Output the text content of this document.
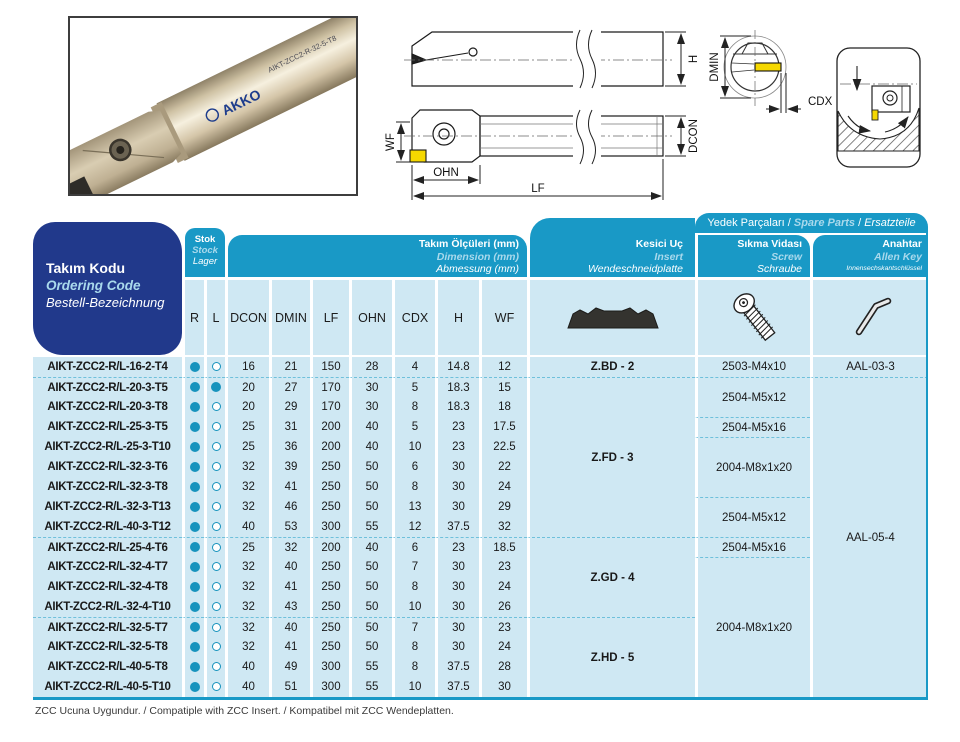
AKKO
AIKT-ZCC2-R-32-5-T8	H
WF	DCON
OHN
LF
DMIN
CDX
Yedek Parçaları / Spare Parts / Ersatzteile
Takım Kodu
Ordering Code
Bestell-Bezeichnung
Stok
Stock
Lager
Takım Ölçüleri (mm)
Dimension (mm)
Abmessung (mm)
Kesici Uç
Insert
Wendeschneidplatte
Sıkma Vidası
Screw
Schraube
Anahtar
Allen Key
Innensechskantschlüssel
	R	L	DCON	DMIN	LF	OHN	CDX	H	WF			
AIKT-ZCC2-R/L-16-2-T4			16	21	150	28	4	14.8	12	Z.BD - 2	2503-M4x10	AAL-03-3
AIKT-ZCC2-R/L-20-3-T5			20	27	170	30	5	18.3	15	Z.FD - 3	2504-M5x12	AAL-05-4
AIKT-ZCC2-R/L-20-3-T8			20	29	170	30	8	18.3	18			
AIKT-ZCC2-R/L-25-3-T5			25	31	200	40	5	23	17.5		2504-M5x16	
AIKT-ZCC2-R/L-25-3-T10			25	36	200	40	10	23	22.5		2004-M8x1x20	
AIKT-ZCC2-R/L-32-3-T6			32	39	250	50	6	30	22			
AIKT-ZCC2-R/L-32-3-T8			32	41	250	50	8	30	24			
AIKT-ZCC2-R/L-32-3-T13			32	46	250	50	13	30	29		2504-M5x12	
AIKT-ZCC2-R/L-40-3-T12			40	53	300	55	12	37.5	32			
AIKT-ZCC2-R/L-25-4-T6			25	32	200	40	6	23	18.5	Z.GD - 4	2504-M5x16	
AIKT-ZCC2-R/L-32-4-T7			32	40	250	50	7	30	23		2004-M8x1x20	
AIKT-ZCC2-R/L-32-4-T8			32	41	250	50	8	30	24			
AIKT-ZCC2-R/L-32-4-T10			32	43	250	50	10	30	26			
AIKT-ZCC2-R/L-32-5-T7			32	40	250	50	7	30	23	Z.HD - 5		
AIKT-ZCC2-R/L-32-5-T8			32	41	250	50	8	30	24			
AIKT-ZCC2-R/L-40-5-T8			40	49	300	55	8	37.5	28			
AIKT-ZCC2-R/L-40-5-T10			40	51	300	55	10	37.5	30			
ZCC Ucuna Uygundur. / Compatiple with ZCC Insert. / Kompatibel mit ZCC Wendeplatten.
